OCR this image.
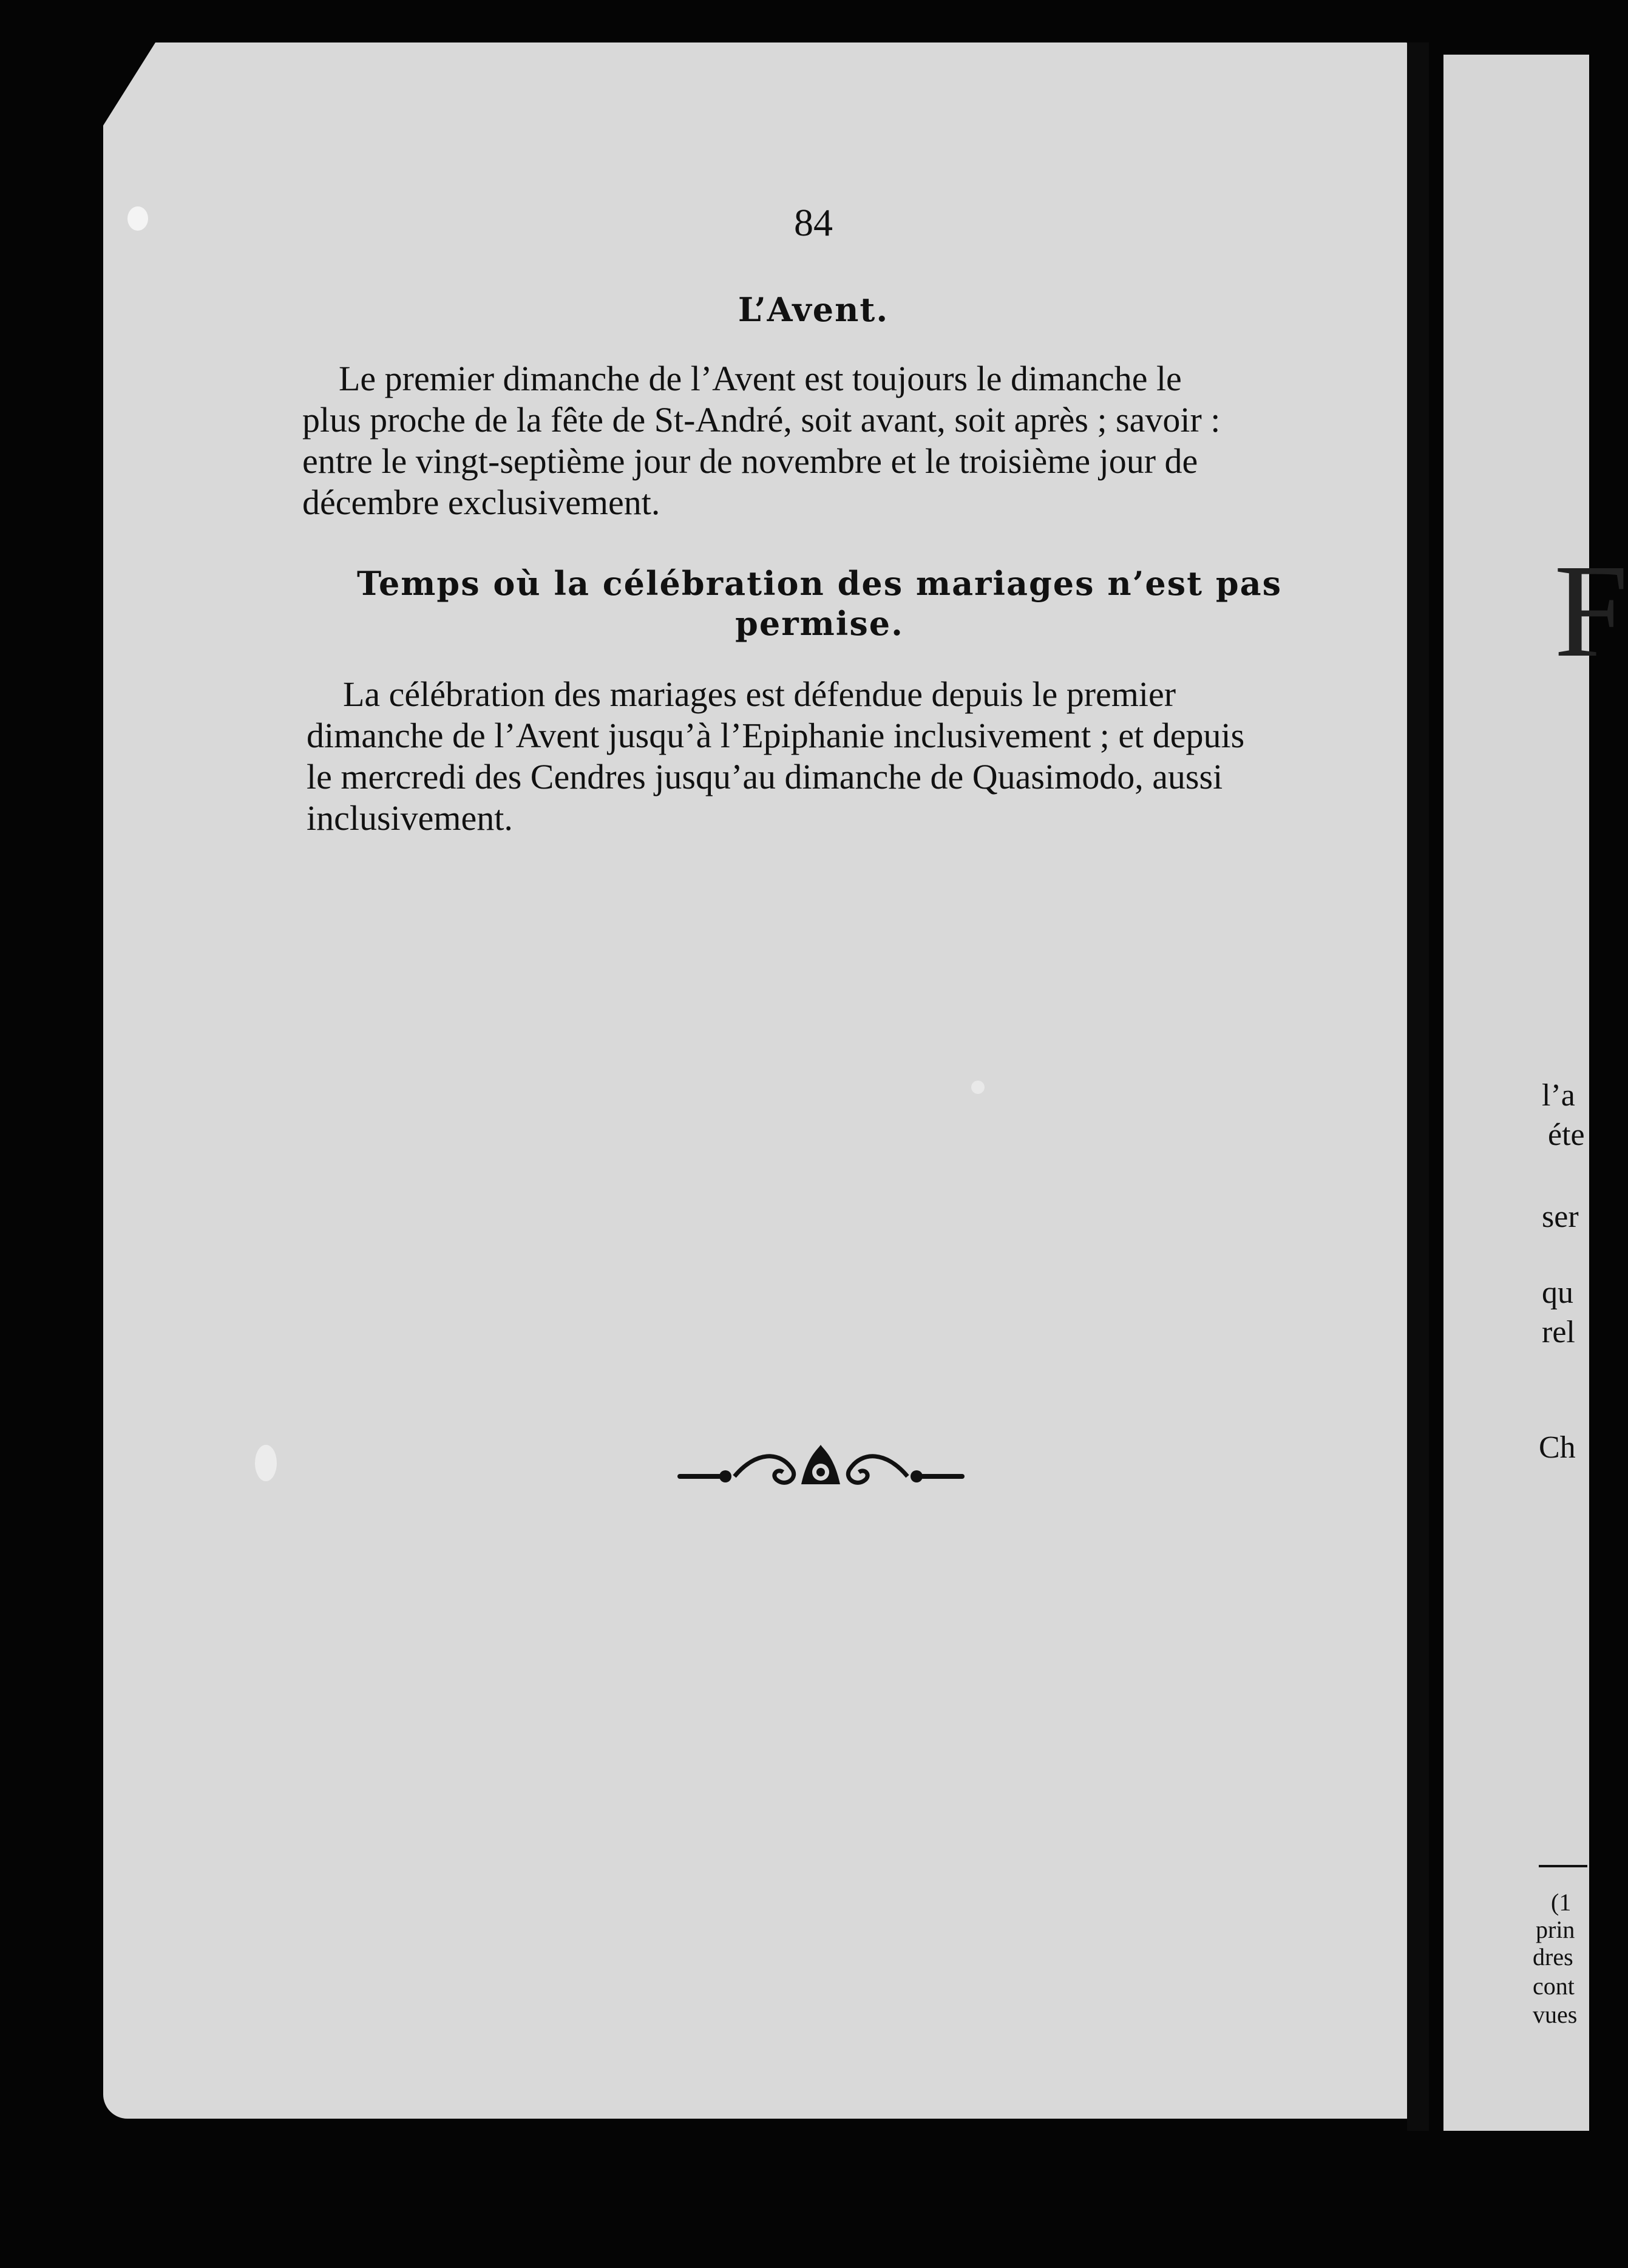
84
L’Avent.
Le premier dimanche de l’Avent est toujours le dimanche le
plus proche de la fête de St-André, soit avant, soit après ; savoir :
entre le vingt-septième jour de novembre et le troisième jour de
décembre exclusivement.
Temps où la célébration des mariages n’est pas
permise.
La célébration des mariages est défendue depuis le premier
dimanche de l’Avent jusqu’à l’Epiphanie inclusivement ; et depuis
le mercredi des Cendres jusqu’au dimanche de Quasimodo, aussi
inclusivement.
F
l’a
éte
ser
qu
rel
Ch
(1
prin
dres
cont
vues
